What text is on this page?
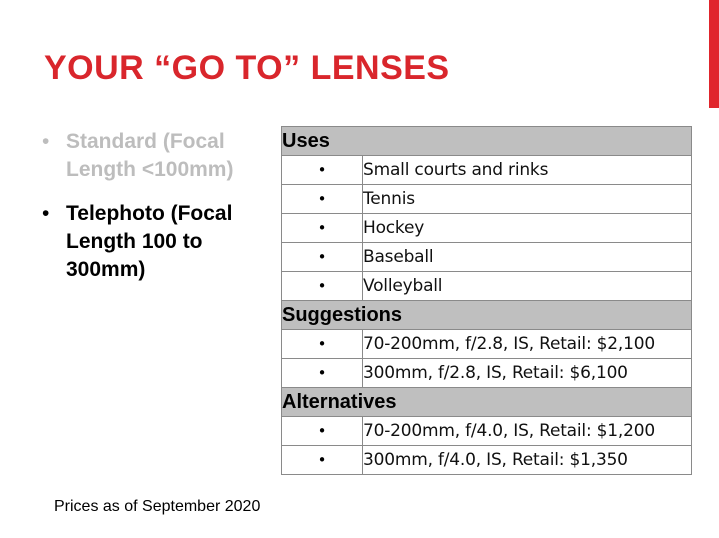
YOUR “GO TO” LENSES
• Standard (Focal Length <100mm)
• Telephoto (Focal Length 100 to 300mm)
Uses	
•	Small courts and rinks
•	Tennis
•	Hockey
•	Baseball
•	Volleyball
Suggestions	
•	70-200mm, f/2.8, IS, Retail: $2,100
•	300mm, f/2.8, IS, Retail: $6,100
Alternatives	
•	70-200mm, f/4.0, IS, Retail: $1,200
•	300mm, f/4.0, IS, Retail: $1,350
Prices as of September 2020
